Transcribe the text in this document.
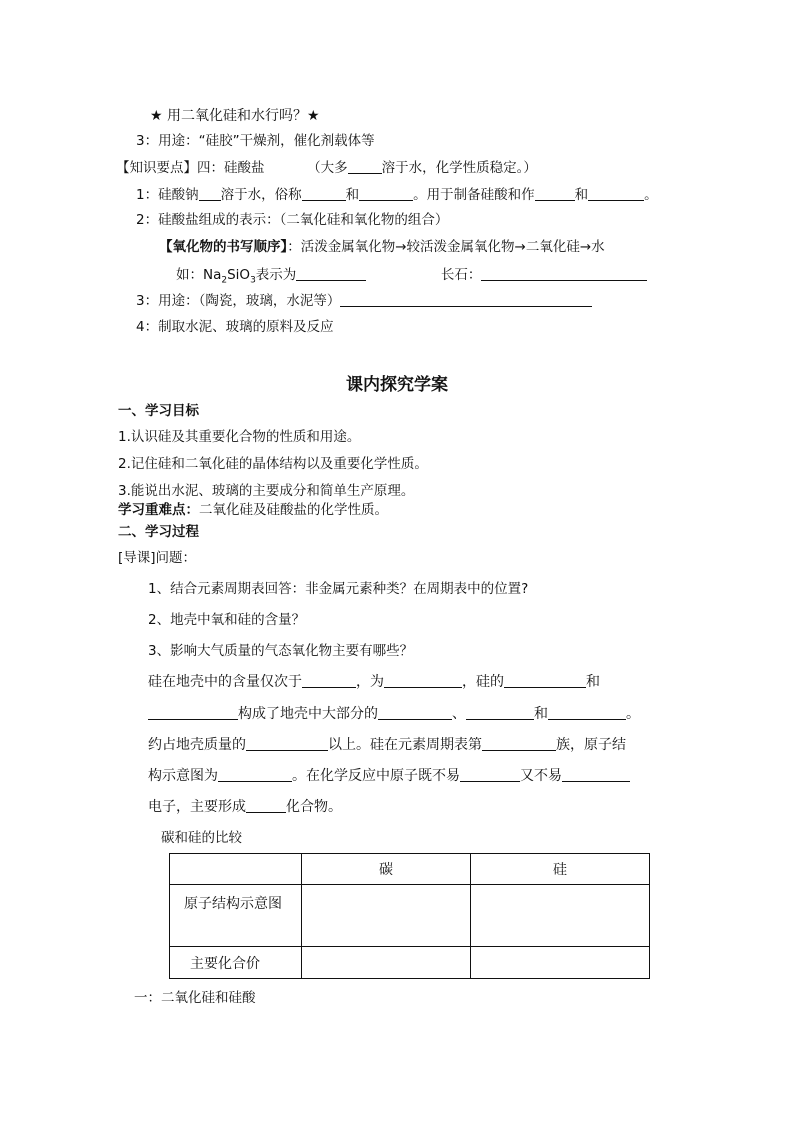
★ 用二氧化硅和水行吗？★
3：用途：“硅胶”干燥剂，催化剂载体等
【知识要点】四：硅酸盐	（大多	溶于水，化学性质稳定。）
1：硅酸钠 溶于水，俗称	和	。用于制备硅酸和作	和	。
2：硅酸盐组成的表示：（二氧化硅和氧化物的组合）
【氧化物的书写顺序】：活泼金属氧化物→较活泼金属氧化物→二氧化硅→水
如：$Na_2SiO_3$表示为	长石：
3：用途：（陶瓷，玻璃，水泥等）
4：制取水泥、玻璃的原料及反应
课内探究学案
一、学习目标
1.认识硅及其重要化合物的性质和用途。
2.记住硅和二氧化硅的晶体结构以及重要化学性质。
3.能说出水泥、玻璃的主要成分和简单生产原理。
学习重难点：二氧化硅及硅酸盐的化学性质。
二、学习过程
[导课]问题：
1、结合元素周期表回答：非金属元素种类？在周期表中的位置?
2、地壳中氧和硅的含量？
3、影响大气质量的气态氧化物主要有哪些？
硅在地壳中的含量仅次于	，为	，硅的	和
构成了地壳中大部分的	、	和	。
约占地壳质量的	以上。硅在元素周期表第	族，原子结
构示意图为	。在化学反应中原子既不易	又不易
电子，主要形成	化合物。
碳和硅的比较
	碳	硅
原子结构示意图		
主要化合价		
一：二氧化硅和硅酸
